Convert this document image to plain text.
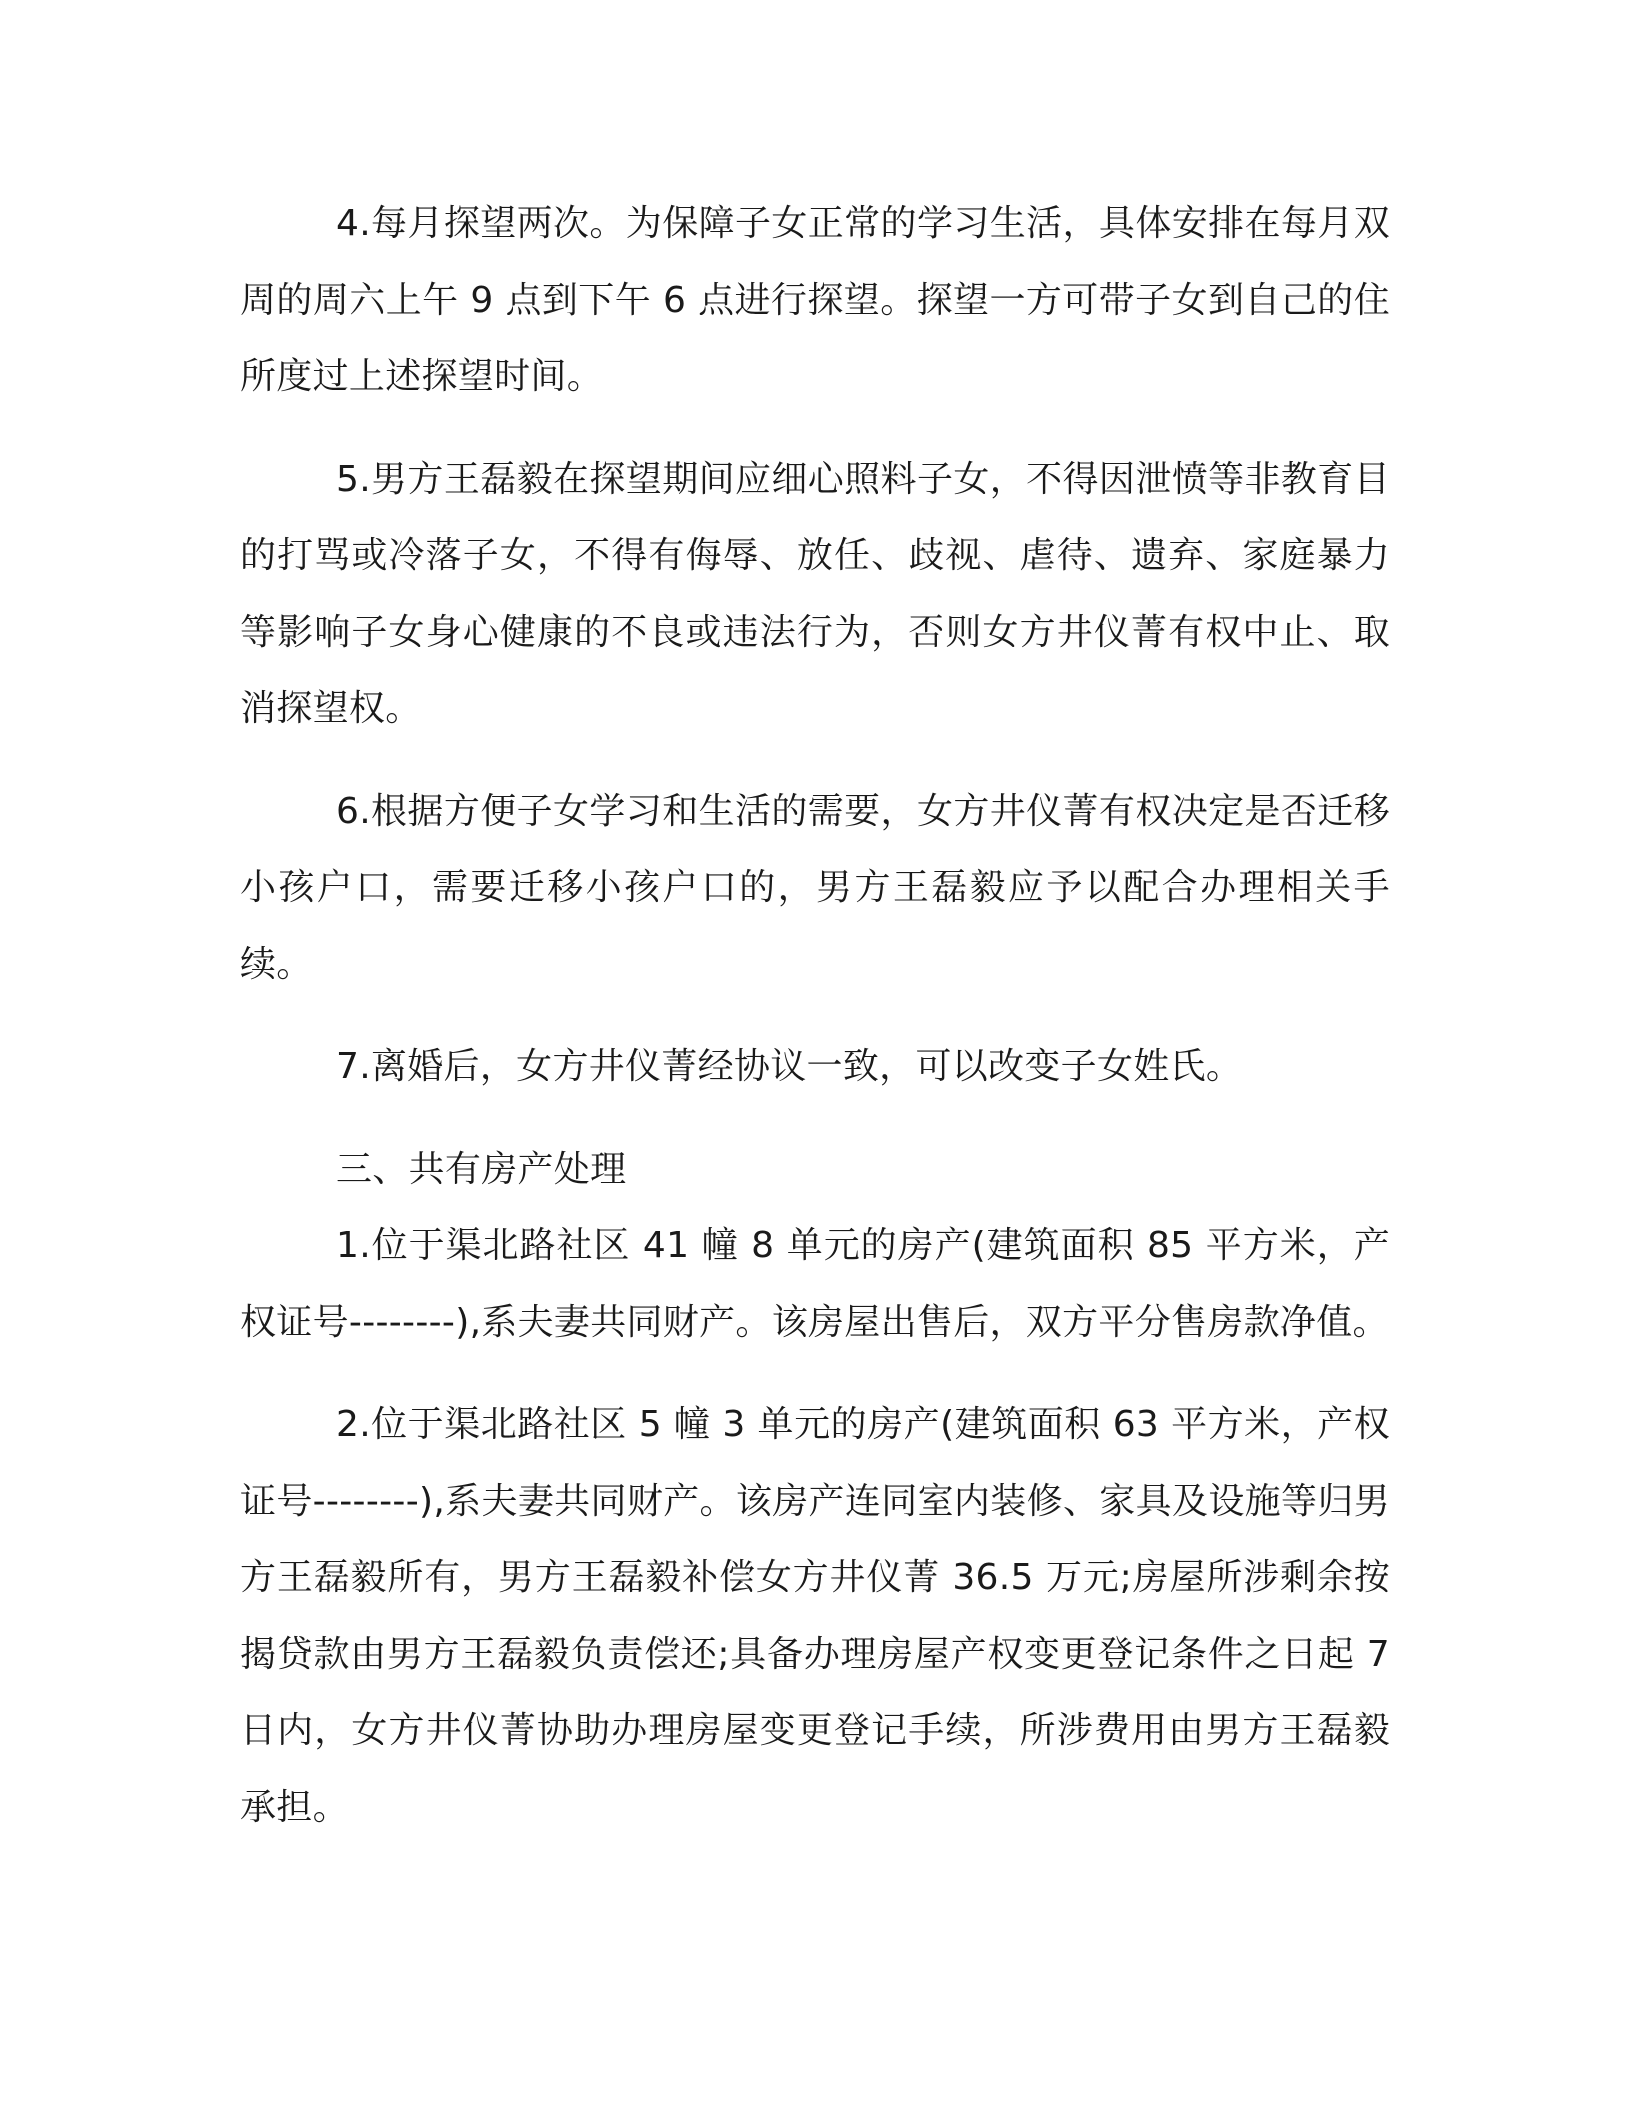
4.每月探望两次。为保障子女正常的学习生活，具体安排在每月双周的周六上午 9 点到下午 6 点进行探望。探望一方可带子女到自己的住所度过上述探望时间。

5.男方王磊毅在探望期间应细心照料子女，不得因泄愤等非教育目的打骂或冷落子女，不得有侮辱、放任、歧视、虐待、遗弃、家庭暴力等影响子女身心健康的不良或违法行为，否则女方井仪菁有权中止、取消探望权。

6.根据方便子女学习和生活的需要，女方井仪菁有权决定是否迁移小孩户口，需要迁移小孩户口的，男方王磊毅应予以配合办理相关手续。

7.离婚后，女方井仪菁经协议一致，可以改变子女姓氏。

三、共有房产处理

1.位于渠北路社区 41 幢 8 单元的房产(建筑面积 85 平方米，产权证号--------),系夫妻共同财产。该房屋出售后，双方平分售房款净值。

2.位于渠北路社区 5 幢 3 单元的房产(建筑面积 63 平方米，产权证号--------),系夫妻共同财产。该房产连同室内装修、家具及设施等归男方王磊毅所有，男方王磊毅补偿女方井仪菁 36.5 万元;房屋所涉剩余按揭贷款由男方王磊毅负责偿还;具备办理房屋产权变更登记条件之日起 7 日内，女方井仪菁协助办理房屋变更登记手续，所涉费用由男方王磊毅承担。
